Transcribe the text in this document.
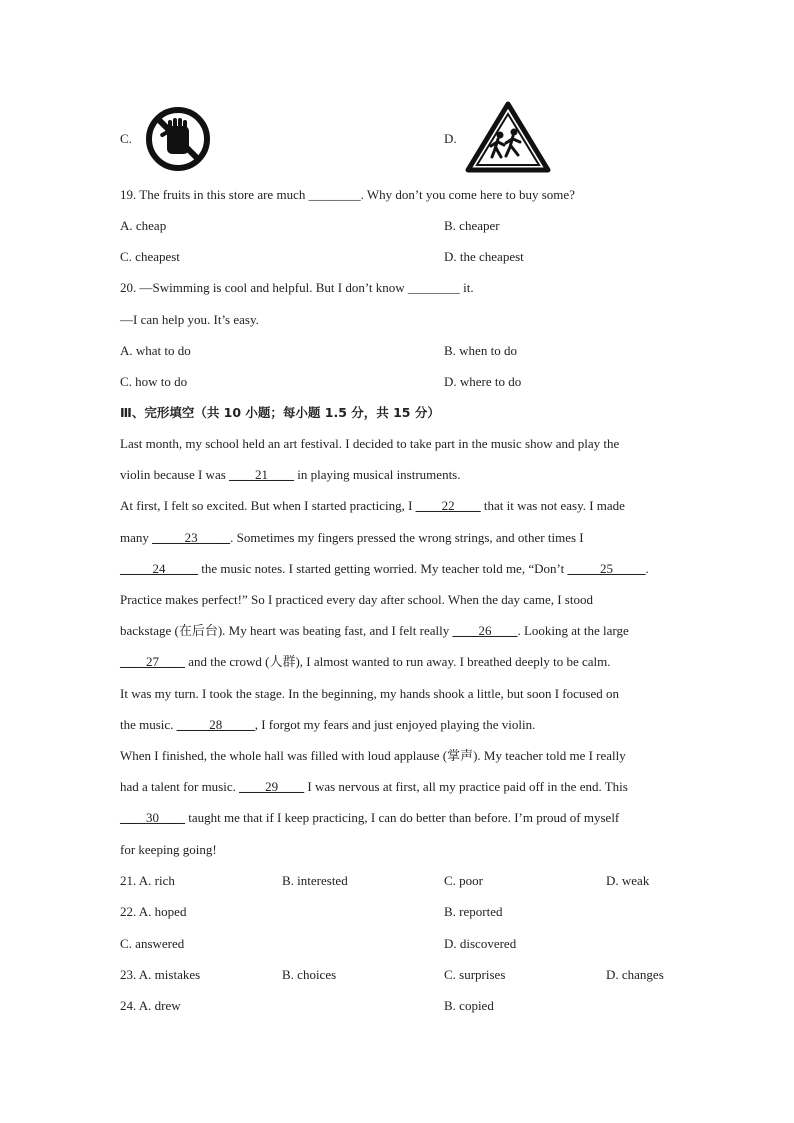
C.	D.
19. The fruits in this store are much ________. Why don’t you come here to buy some?
A. cheap	B. cheaper
C. cheapest	D. the cheapest
20. —Swimming is cool and helpful. But I don’t know ________ it.
—I can help you. It’s easy.
A. what to do	B. when to do
C. how to do	D. where to do
Ⅲ、完形填空（共 10 小题；每小题 1.5 分，共 15 分）
Last month, my school held an art festival. I decided to take part in the music show and play the
violin because I was ____21____ in playing musical instruments.
At first, I felt so excited. But when I started practicing, I ____22____ that it was not easy. I made
many _____23_____. Sometimes my fingers pressed the wrong strings, and other times I
_____24_____ the music notes. I started getting worried. My teacher told me, “Don’t _____25_____.
Practice makes perfect!” So I practiced every day after school. When the day came, I stood
backstage (在后台). My heart was beating fast, and I felt really ____26____. Looking at the large
____27____ and the crowd (人群), I almost wanted to run away. I breathed deeply to be calm.
It was my turn. I took the stage. In the beginning, my hands shook a little, but soon I focused on
the music. _____28_____, I forgot my fears and just enjoyed playing the violin.
When I finished, the whole hall was filled with loud applause (掌声). My teacher told me I really
had a talent for music. ____29____ I was nervous at first, all my practice paid off in the end. This
____30____ taught me that if I keep practicing, I can do better than before. I’m proud of myself
for keeping going!
21. A. rich	B. interested	C. poor	D. weak
22. A. hoped	B. reported
C. answered	D. discovered
23. A. mistakes	B. choices	C. surprises	D. changes
24. A. drew	B. copied
